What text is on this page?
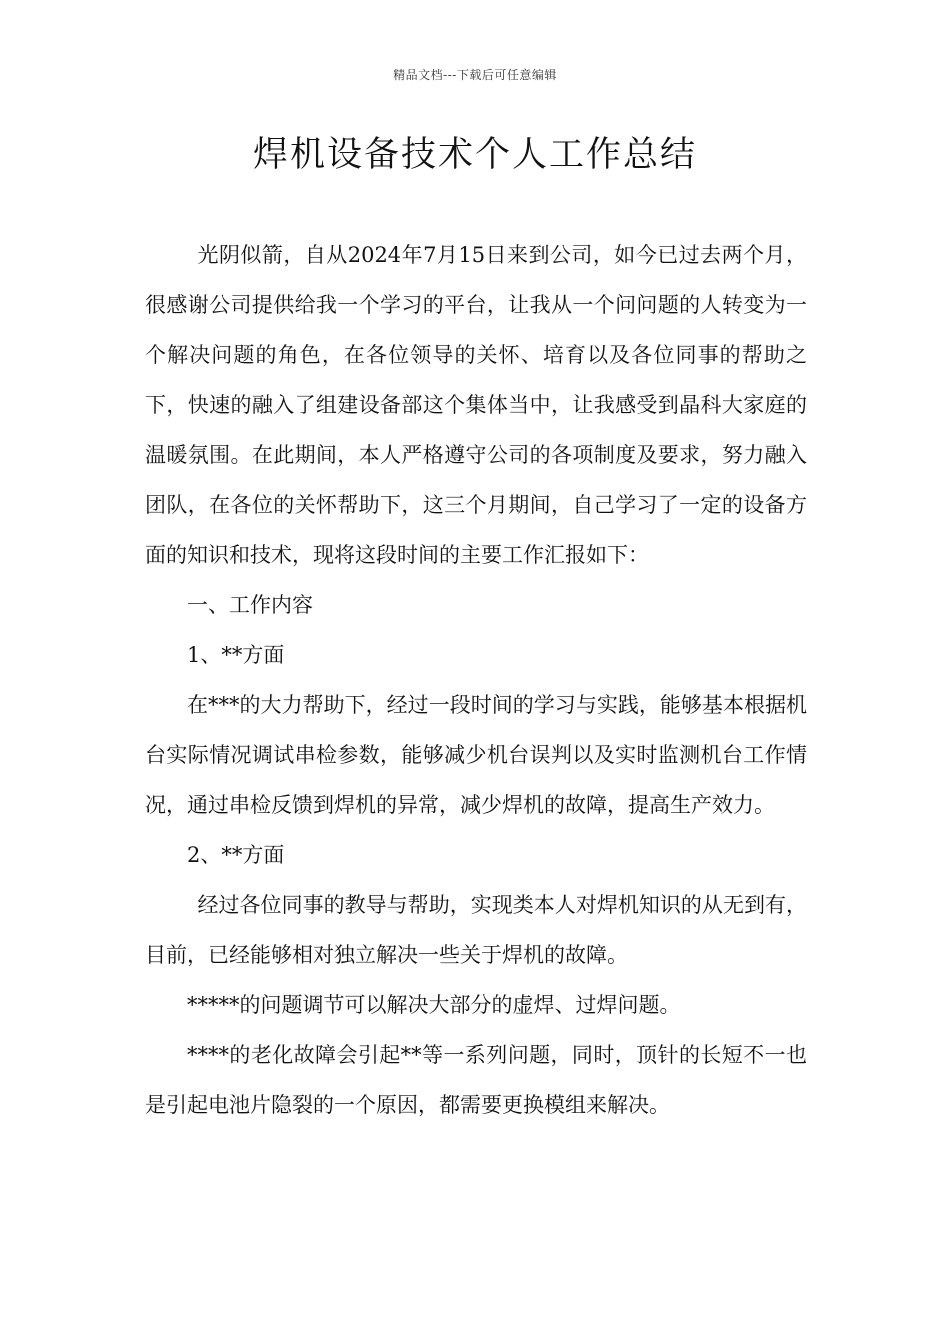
精品文档---下载后可任意编辑
焊机设备技术个人工作总结

光阴似箭，自从2024年7月15日来到公司，如今已过去两个月，很感谢公司提供给我一个学习的平台，让我从一个问问题的人转变为一个解决问题的角色，在各位领导的关怀、培育以及各位同事的帮助之下，快速的融入了组建设备部这个集体当中，让我感受到晶科大家庭的温暖氛围。在此期间，本人严格遵守公司的各项制度及要求，努力融入团队，在各位的关怀帮助下，这三个月期间，自己学习了一定的设备方面的知识和技术，现将这段时间的主要工作汇报如下：

一、工作内容

1、**方面

在***的大力帮助下，经过一段时间的学习与实践，能够基本根据机台实际情况调试串检参数，能够减少机台误判以及实时监测机台工作情况，通过串检反馈到焊机的异常，减少焊机的故障，提高生产效力。

2、**方面

经过各位同事的教导与帮助，实现类本人对焊机知识的从无到有，目前，已经能够相对独立解决一些关于焊机的故障。

*****的问题调节可以解决大部分的虚焊、过焊问题。

****的老化故障会引起**等一系列问题，同时，顶针的长短不一也是引起电池片隐裂的一个原因，都需要更换模组来解决。
